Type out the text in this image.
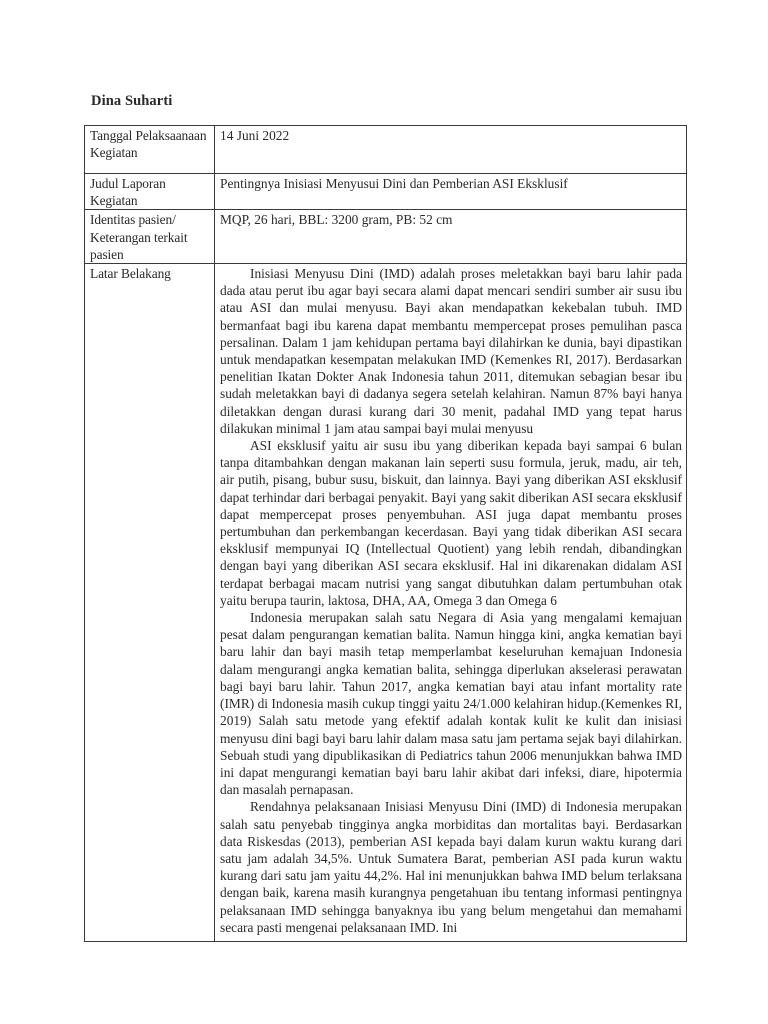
Dina Suharti
Tanggal Pelaksaanaan Kegiatan	14 Juni 2022
Judul Laporan Kegiatan	Pentingnya Inisiasi Menyusui Dini dan Pemberian ASI Eksklusif
Identitas pasien/ Keterangan terkait pasien	MQP, 26 hari, BBL: 3200 gram, PB: 52 cm
Latar Belakang	Inisiasi Menyusu Dini (IMD) adalah proses meletakkan bayi baru lahir pada dada atau perut ibu agar bayi secara alami dapat mencari sendiri sumber air susu ibu atau ASI dan mulai menyusu. Bayi akan mendapatkan kekebalan tubuh. IMD bermanfaat bagi ibu karena dapat membantu mempercepat proses pemulihan pasca persalinan. Dalam 1 jam kehidupan pertama bayi dilahirkan ke dunia, bayi dipastikan untuk mendapatkan kesempatan melakukan IMD (Kemenkes RI, 2017). Berdasarkan penelitian Ikatan Dokter Anak Indonesia tahun 2011, ditemukan sebagian besar ibu sudah meletakkan bayi di dadanya segera setelah kelahiran. Namun 87% bayi hanya diletakkan dengan durasi kurang dari 30 menit, padahal IMD yang tepat harus dilakukan minimal 1 jam atau sampai bayi mulai menyusu

ASI eksklusif yaitu air susu ibu yang diberikan kepada bayi sampai 6 bulan tanpa ditambahkan dengan makanan lain seperti susu formula, jeruk, madu, air teh, air putih, pisang, bubur susu, biskuit, dan lainnya. Bayi yang diberikan ASI eksklusif dapat terhindar dari berbagai penyakit. Bayi yang sakit diberikan ASI secara eksklusif dapat mempercepat proses penyembuhan. ASI juga dapat membantu proses pertumbuhan dan perkembangan kecerdasan. Bayi yang tidak diberikan ASI secara eksklusif mempunyai IQ (Intellectual Quotient) yang lebih rendah, dibandingkan dengan bayi yang diberikan ASI secara eksklusif. Hal ini dikarenakan didalam ASI terdapat berbagai macam nutrisi yang sangat dibutuhkan dalam pertumbuhan otak yaitu berupa taurin, laktosa, DHA, AA, Omega 3 dan Omega 6

Indonesia merupakan salah satu Negara di Asia yang mengalami kemajuan pesat dalam pengurangan kematian balita. Namun hingga kini, angka kematian bayi baru lahir dan bayi masih tetap memperlambat keseluruhan kemajuan Indonesia dalam mengurangi angka kematian balita, sehingga diperlukan akselerasi perawatan bagi bayi baru lahir. Tahun 2017, angka kematian bayi atau infant mortality rate (IMR) di Indonesia masih cukup tinggi yaitu 24/1.000 kelahiran hidup.(Kemenkes RI, 2019) Salah satu metode yang efektif adalah kontak kulit ke kulit dan inisiasi menyusu dini bagi bayi baru lahir dalam masa satu jam pertama sejak bayi dilahirkan. Sebuah studi yang dipublikasikan di Pediatrics tahun 2006 menunjukkan bahwa IMD ini dapat mengurangi kematian bayi baru lahir akibat dari infeksi, diare, hipotermia dan masalah pernapasan.

Rendahnya pelaksanaan Inisiasi Menyusu Dini (IMD) di Indonesia merupakan salah satu penyebab tingginya angka morbiditas dan mortalitas bayi. Berdasarkan data Riskesdas (2013), pemberian ASI kepada bayi dalam kurun waktu kurang dari satu jam adalah 34,5%. Untuk Sumatera Barat, pemberian ASI pada kurun waktu kurang dari satu jam yaitu 44,2%. Hal ini menunjukkan bahwa IMD belum terlaksana dengan baik, karena masih kurangnya pengetahuan ibu tentang informasi pentingnya pelaksanaan IMD sehingga banyaknya ibu yang belum mengetahui dan memahami secara pasti mengenai pelaksanaan IMD. Ini
